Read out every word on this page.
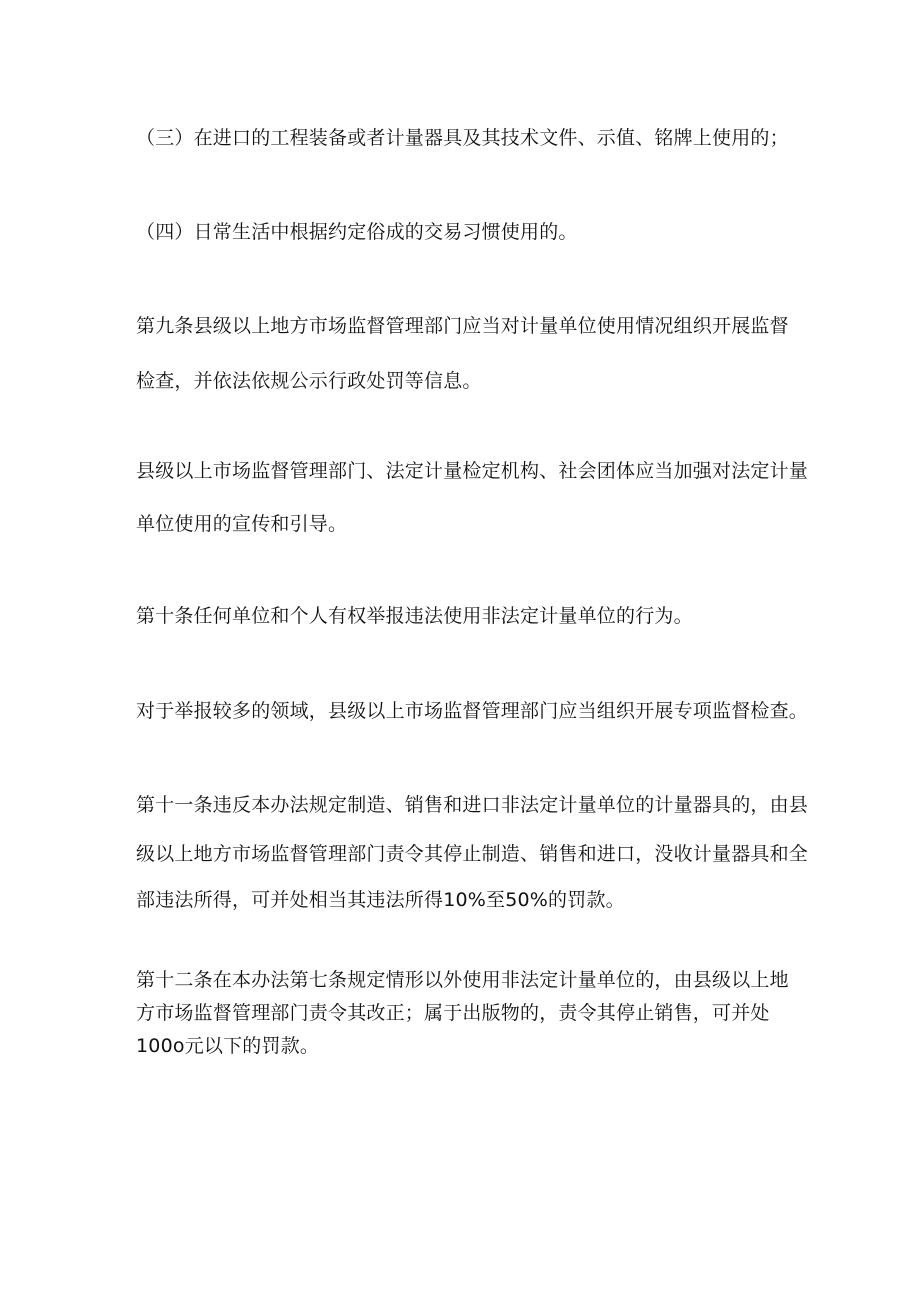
（三）在进口的工程装备或者计量器具及其技术文件、示值、铭牌上使用的；
（四）日常生活中根据约定俗成的交易习惯使用的。
第九条县级以上地方市场监督管理部门应当对计量单位使用情况组织开展监督
检查，并依法依规公示行政处罚等信息。
县级以上市场监督管理部门、法定计量检定机构、社会团体应当加强对法定计量
单位使用的宣传和引导。
第十条任何单位和个人有权举报违法使用非法定计量单位的行为。
对于举报较多的领域，县级以上市场监督管理部门应当组织开展专项监督检查。
第十一条违反本办法规定制造、销售和进口非法定计量单位的计量器具的，由县
级以上地方市场监督管理部门责令其停止制造、销售和进口，没收计量器具和全
部违法所得，可并处相当其违法所得10%至50%的罚款。
第十二条在本办法第七条规定情形以外使用非法定计量单位的，由县级以上地
方市场监督管理部门责令其改正；属于出版物的，责令其停止销售，可并处
100o元以下的罚款。
